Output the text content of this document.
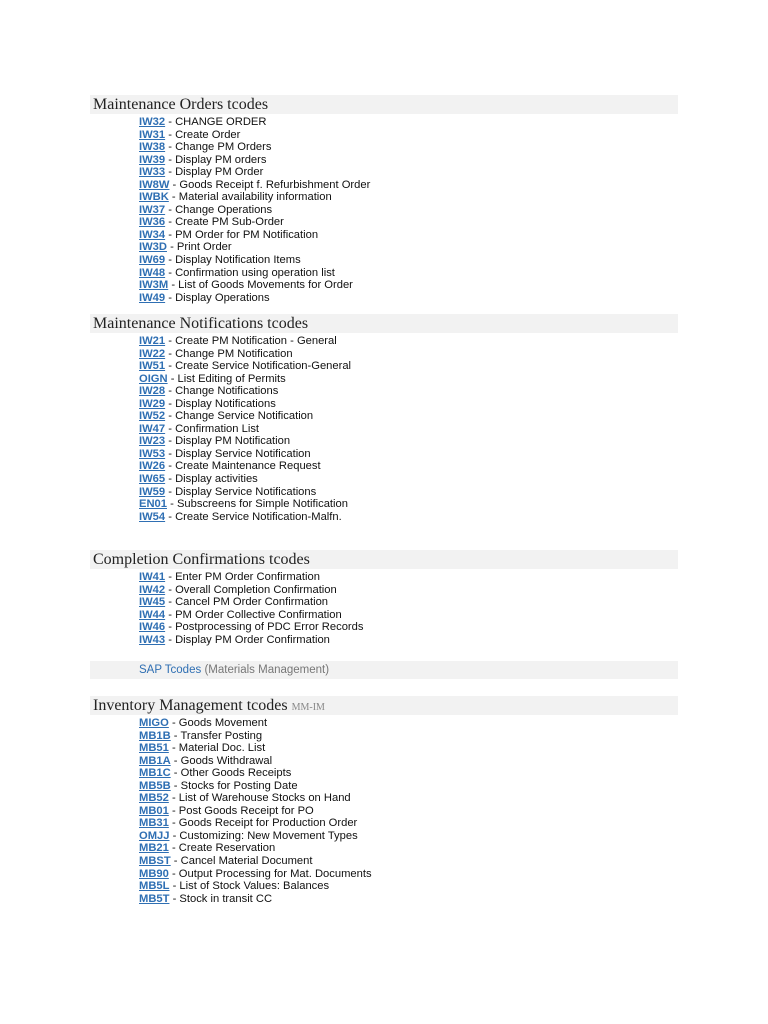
Maintenance Orders tcodes
IW32 - CHANGE ORDER
IW31 - Create Order
IW38 - Change PM Orders
IW39 - Display PM orders
IW33 - Display PM Order
IW8W - Goods Receipt f. Refurbishment Order
IWBK - Material availability information
IW37 - Change Operations
IW36 - Create PM Sub-Order
IW34 - PM Order for PM Notification
IW3D - Print Order
IW69 - Display Notification Items
IW48 - Confirmation using operation list
IW3M - List of Goods Movements for Order
IW49 - Display Operations
Maintenance Notifications tcodes
IW21 - Create PM Notification - General
IW22 - Change PM Notification
IW51 - Create Service Notification-General
OIGN - List Editing of Permits
IW28 - Change Notifications
IW29 - Display Notifications
IW52 - Change Service Notification
IW47 - Confirmation List
IW23 - Display PM Notification
IW53 - Display Service Notification
IW26 - Create Maintenance Request
IW65 - Display activities
IW59 - Display Service Notifications
EN01 - Subscreens for Simple Notification
IW54 - Create Service Notification-Malfn.
Completion Confirmations tcodes
IW41 - Enter PM Order Confirmation
IW42 - Overall Completion Confirmation
IW45 - Cancel PM Order Confirmation
IW44 - PM Order Collective Confirmation
IW46 - Postprocessing of PDC Error Records
IW43 - Display PM Order Confirmation
SAP Tcodes (Materials Management)
Inventory Management tcodes MM-IM
MIGO - Goods Movement
MB1B - Transfer Posting
MB51 - Material Doc. List
MB1A - Goods Withdrawal
MB1C - Other Goods Receipts
MB5B - Stocks for Posting Date
MB52 - List of Warehouse Stocks on Hand
MB01 - Post Goods Receipt for PO
MB31 - Goods Receipt for Production Order
OMJJ - Customizing: New Movement Types
MB21 - Create Reservation
MBST - Cancel Material Document
MB90 - Output Processing for Mat. Documents
MB5L - List of Stock Values: Balances
MB5T - Stock in transit CC
